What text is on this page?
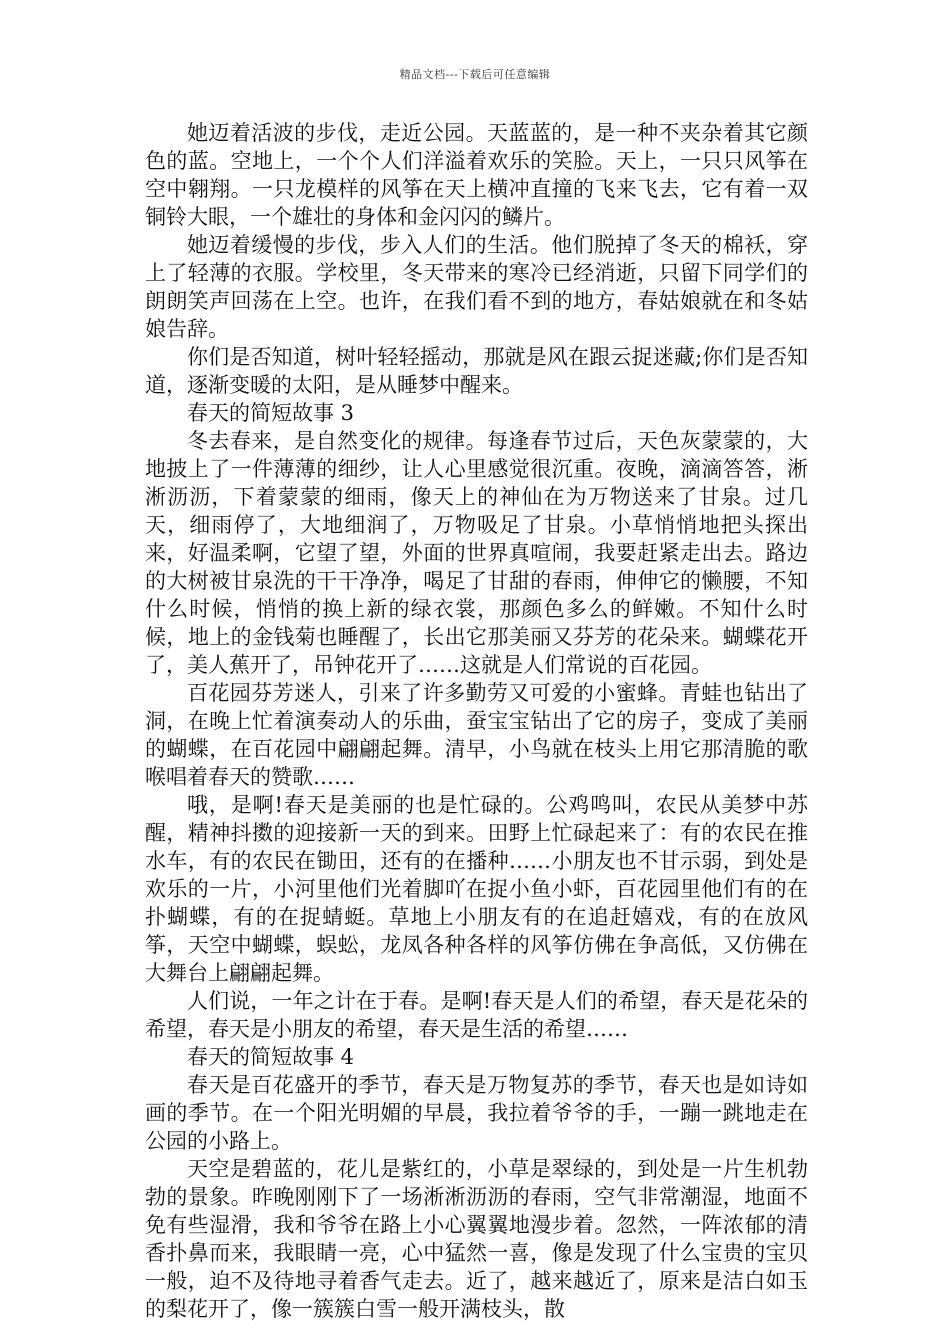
精品文档---下载后可任意编辑

她迈着活波的步伐，走近公园。天蓝蓝的，是一种不夹杂着其它颜色的蓝。空地上，一个个人们洋溢着欢乐的笑脸。天上，一只只风筝在空中翱翔。一只龙模样的风筝在天上横冲直撞的飞来飞去，它有着一双铜铃大眼，一个雄壮的身体和金闪闪的鳞片。

她迈着缓慢的步伐，步入人们的生活。他们脱掉了冬天的棉袄，穿上了轻薄的衣服。学校里，冬天带来的寒冷已经消逝，只留下同学们的朗朗笑声回荡在上空。也许，在我们看不到的地方，春姑娘就在和冬姑娘告辞。

你们是否知道，树叶轻轻摇动，那就是风在跟云捉迷藏;你们是否知道，逐渐变暖的太阳，是从睡梦中醒来。

春天的简短故事 3

冬去春来，是自然变化的规律。每逢春节过后，天色灰蒙蒙的，大地披上了一件薄薄的细纱，让人心里感觉很沉重。夜晚，滴滴答答，淅淅沥沥，下着蒙蒙的细雨，像天上的神仙在为万物送来了甘泉。过几天，细雨停了，大地细润了，万物吸足了甘泉。小草悄悄地把头探出来，好温柔啊，它望了望，外面的世界真喧闹，我要赶紧走出去。路边的大树被甘泉洗的干干净净，喝足了甘甜的春雨，伸伸它的懒腰，不知什么时候，悄悄的换上新的绿衣裳，那颜色多么的鲜嫩。不知什么时候，地上的金钱菊也睡醒了，长出它那美丽又芬芳的花朵来。蝴蝶花开了，美人蕉开了，吊钟花开了……这就是人们常说的百花园。

百花园芬芳迷人，引来了许多勤劳又可爱的小蜜蜂。青蛙也钻出了洞，在晚上忙着演奏动人的乐曲，蚕宝宝钻出了它的房子，变成了美丽的蝴蝶，在百花园中翩翩起舞。清早，小鸟就在枝头上用它那清脆的歌喉唱着春天的赞歌……

哦，是啊!春天是美丽的也是忙碌的。公鸡鸣叫，农民从美梦中苏醒，精神抖擞的迎接新一天的到来。田野上忙碌起来了：有的农民在推水车，有的农民在锄田，还有的在播种……小朋友也不甘示弱，到处是欢乐的一片，小河里他们光着脚吖在捉小鱼小虾，百花园里他们有的在扑蝴蝶，有的在捉蜻蜓。草地上小朋友有的在追赶嬉戏，有的在放风筝，天空中蝴蝶，蜈蚣，龙凤各种各样的风筝仿佛在争高低，又仿佛在大舞台上翩翩起舞。

人们说，一年之计在于春。是啊!春天是人们的希望，春天是花朵的希望，春天是小朋友的希望，春天是生活的希望……

春天的简短故事 4

春天是百花盛开的季节，春天是万物复苏的季节，春天也是如诗如画的季节。在一个阳光明媚的早晨，我拉着爷爷的手，一蹦一跳地走在公园的小路上。

天空是碧蓝的，花儿是紫红的，小草是翠绿的，到处是一片生机勃勃的景象。昨晚刚刚下了一场淅淅沥沥的春雨，空气非常潮湿，地面不免有些湿滑，我和爷爷在路上小心翼翼地漫步着。忽然，一阵浓郁的清香扑鼻而来，我眼睛一亮，心中猛然一喜，像是发现了什么宝贵的宝贝一般，迫不及待地寻着香气走去。近了，越来越近了，原来是洁白如玉的梨花开了，像一簇簇白雪一般开满枝头，散
